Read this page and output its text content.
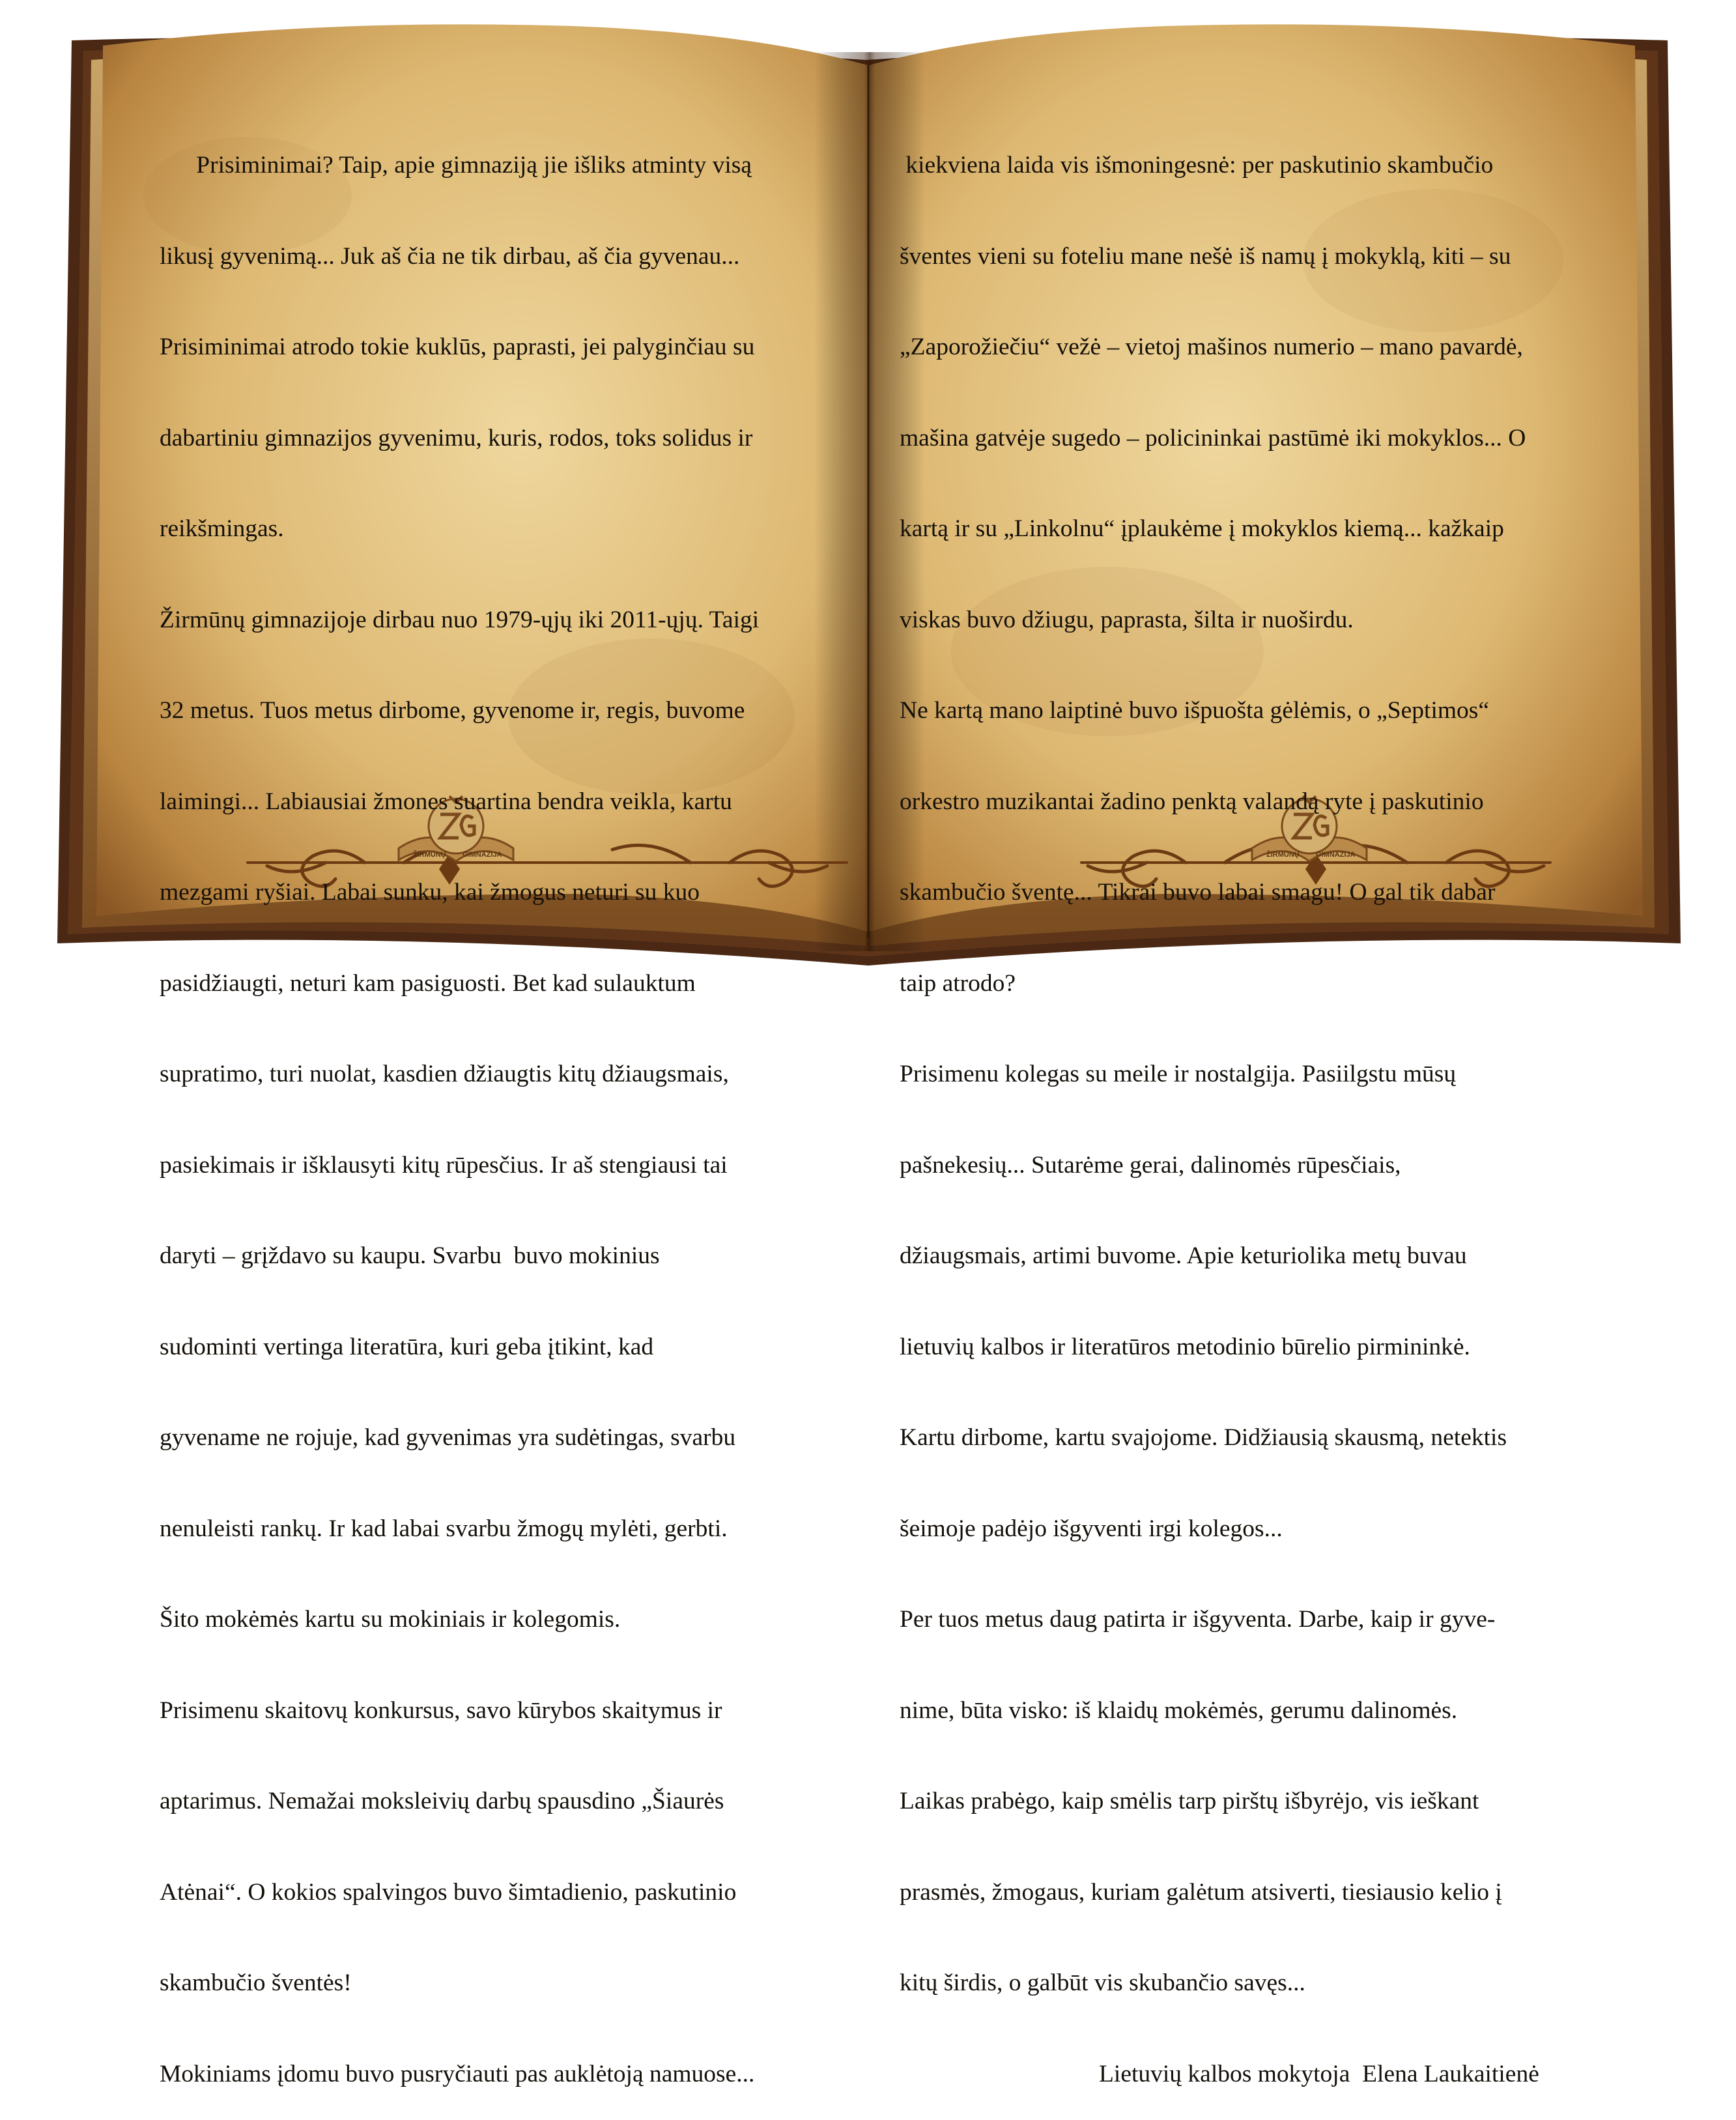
ŽIRMŪNŲ GIMNAZIJA	ŽIRMŪNŲ GIMNAZIJA

Prisiminimai? Taip, apie gimnaziją jie išliks atminty visą

likusį gyvenimą... Juk aš čia ne tik dirbau, aš čia gyvenau...

Prisiminimai atrodo tokie kuklūs, paprasti, jei palyginčiau su

dabartiniu gimnazijos gyvenimu, kuris, rodos, toks solidus ir

reikšmingas.

Žirmūnų gimnazijoje dirbau nuo 1979-ųjų iki 2011-ųjų. Taigi

32 metus. Tuos metus dirbome, gyvenome ir, regis, buvome

laimingi... Labiausiai žmones suartina bendra veikla, kartu

mezgami ryšiai. Labai sunku, kai žmogus neturi su kuo

pasidžiaugti, neturi kam pasiguosti. Bet kad sulauktum

supratimo, turi nuolat, kasdien džiaugtis kitų džiaugsmais,

pasiekimais ir išklausyti kitų rūpesčius. Ir aš stengiausi tai

daryti – grįždavo su kaupu. Svarbu  buvo mokinius

sudominti vertinga literatūra, kuri geba įtikint, kad

gyvename ne rojuje, kad gyvenimas yra sudėtingas, svarbu

nenuleisti rankų. Ir kad labai svarbu žmogų mylėti, gerbti.

Šito mokėmės kartu su mokiniais ir kolegomis.

Prisimenu skaitovų konkursus, savo kūrybos skaitymus ir

aptarimus. Nemažai moksleivių darbų spausdino „Šiaurės

Atėnai“. O kokios spalvingos buvo šimtadienio, paskutinio

skambučio šventės!

Mokiniams įdomu buvo pusryčiauti pas auklėtoją namuose...

kiekviena laida vis išmoningesnė: per paskutinio skambučio

šventes vieni su foteliu mane nešė iš namų į mokyklą, kiti – su

„Zaporožiečiu“ vežė – vietoj mašinos numerio – mano pavardė,

mašina gatvėje sugedo – policininkai pastūmė iki mokyklos... O

kartą ir su „Linkolnu“ įplaukėme į mokyklos kiemą... kažkaip

viskas buvo džiugu, paprasta, šilta ir nuoširdu.

Ne kartą mano laiptinė buvo išpuošta gėlėmis, o „Septimos“

orkestro muzikantai žadino penktą valandą ryte į paskutinio

skambučio šventę... Tikrai buvo labai smagu! O gal tik dabar

taip atrodo?

Prisimenu kolegas su meile ir nostalgija. Pasiilgstu mūsų

pašnekesių... Sutarėme gerai, dalinomės rūpesčiais,

džiaugsmais, artimi buvome. Apie keturiolika metų buvau

lietuvių kalbos ir literatūros metodinio būrelio pirmininkė.

Kartu dirbome, kartu svajojome. Didžiausią skausmą, netektis

šeimoje padėjo išgyventi irgi kolegos...

Per tuos metus daug patirta ir išgyventa. Darbe, kaip ir gyve-

nime, būta visko: iš klaidų mokėmės, gerumu dalinomės.

Laikas prabėgo, kaip smėlis tarp pirštų išbyrėjo, vis ieškant

prasmės, žmogaus, kuriam galėtum atsiverti, tiesiausio kelio į

kitų širdis, o galbūt vis skubančio savęs...

Lietuvių kalbos mokytoja  Elena Laukaitienė
